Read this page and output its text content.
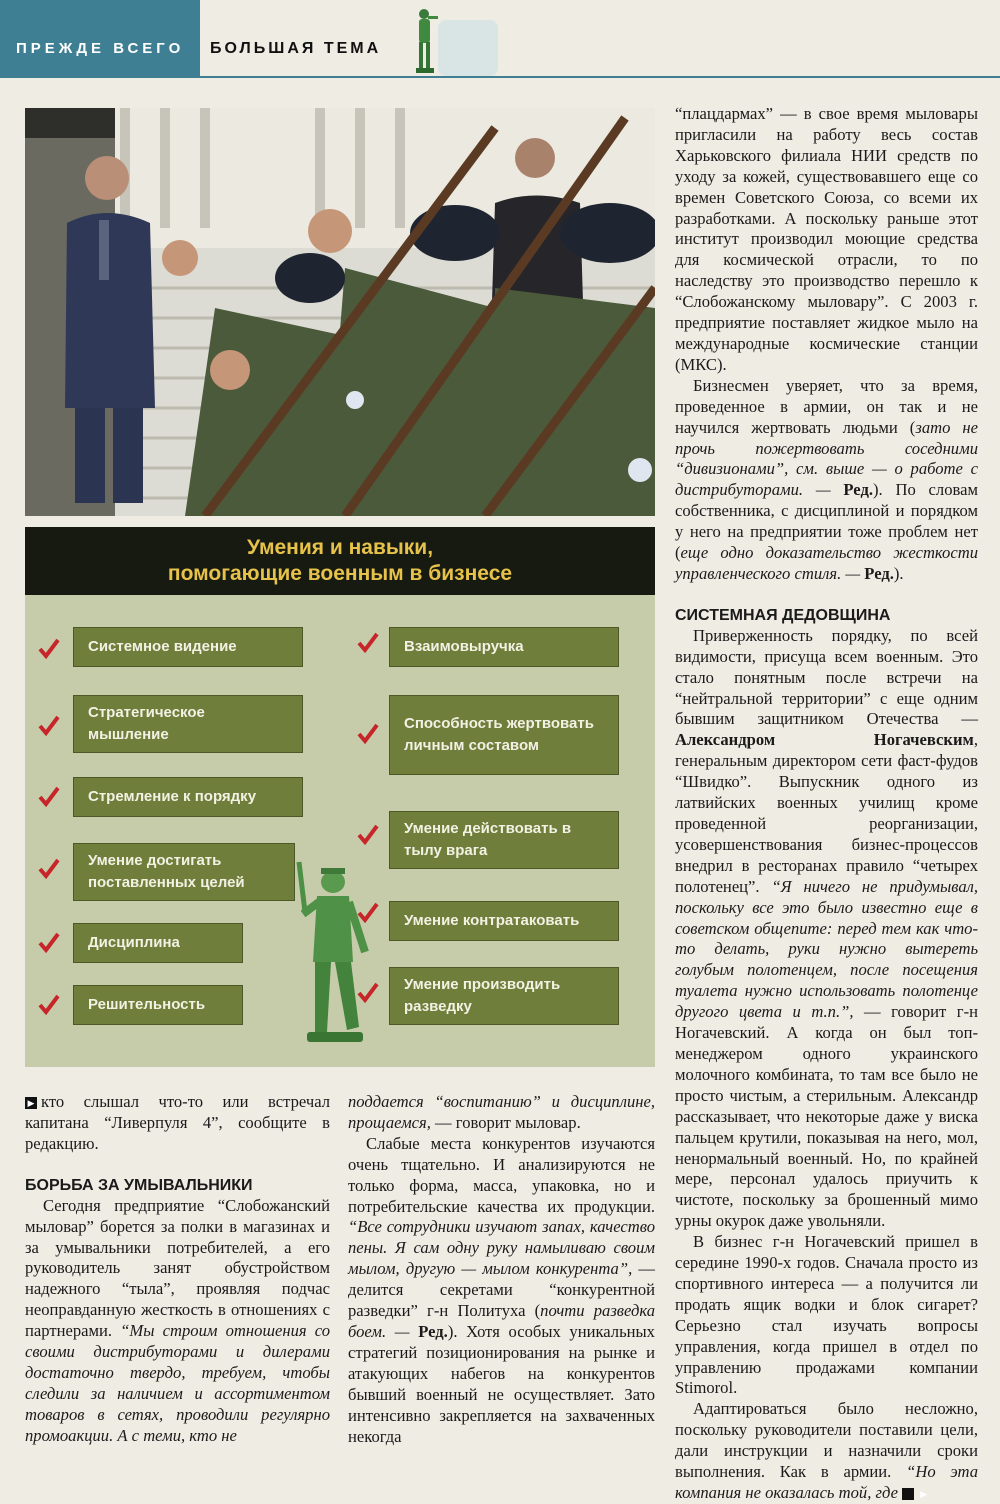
ПРЕЖДЕ ВСЕГО БОЛЬШАЯ ТЕМА
Умения и навыки,
помогающие военным в бизнесе
Системное видение
Стратегическое мышление
Стремление к порядку
Умение достигать поставленных целей
Дисциплина
Решительность
Взаимовыручка
Способность жертвовать личным составом
Умение действовать в тылу врага
Умение контратаковать
Умение производить разведку

▶ кто слышал что-то или встречал капитана “Ливерпуля 4”, сообщите в редакцию.

БОРЬБА ЗА УМЫВАЛЬНИКИ

Сегодня предприятие “Слобожанский мыловар” борется за полки в магазинах и за умывальники потребителей, а его руководитель занят обустройством надежного “тыла”, проявляя подчас неоправданную жесткость в отношениях с партнерами. “Мы строим отношения со своими дистрибуторами и дилерами достаточно твердо, требуем, чтобы следили за наличием и ассортиментом товаров в сетях, проводили регулярно промоакции. А с теми, кто не

поддается “воспитанию” и дисциплине, прощаемся, — говорит мыловар.

Слабые места конкурентов изучаются очень тщательно. И анализируются не только форма, масса, упаковка, но и потребительские качества их продукции. “Все сотрудники изучают запах, качество пены. Я сам одну руку намыливаю своим мылом, другую — мылом конкурента”, — делится секретами “конкурентной разведки” г-н Политуха (почти разведка боем. — Ред.). Хотя особых уникальных стратегий позиционирования на рынке и атакующих набегов на конкурентов бывший военный не осуществляет. Зато интенсивно закрепляется на захваченных некогда

“плацдармах” — в свое время мыловары пригласили на работу весь состав Харьковского филиала НИИ средств по уходу за кожей, существовавшего еще со времен Советского Союза, со всеми их разработками. А поскольку раньше этот институт производил моющие средства для космической отрасли, то по наследству это производство перешло к “Слобожанскому мыловару”. С 2003 г. предприятие поставляет жидкое мыло на международные космические станции (МКС).

Бизнесмен уверяет, что за время, проведенное в армии, он так и не научился жертвовать людьми (зато не прочь пожертвовать соседними “дивизионами”, см. выше — о работе с дистрибуторами. — Ред.). По словам собственника, с дисциплиной и порядком у него на предприятии тоже проблем нет (еще одно доказательство жесткости управленческого стиля. — Ред.).

СИСТЕМНАЯ ДЕДОВЩИНА

Приверженность порядку, по всей видимости, присуща всем военным. Это стало понятным после встречи на “нейтральной территории” с еще одним бывшим защитником Отечества — Александром Ногачевским, генеральным директором сети фаст-фудов “Швидко”. Выпускник одного из латвийских военных училищ кроме проведенной реорганизации, усовершенствования бизнес-процессов внедрил в ресторанах правило “четырех полотенец”. “Я ничего не придумывал, поскольку все это было известно еще в советском общепите: перед тем как что-то делать, руки нужно вытереть голубым полотенцем, после посещения туалета нужно использовать полотенце другого цвета и т.п.”, — говорит г-н Ногачевский. А когда он был топ-менеджером одного украинского молочного комбината, то там все было не просто чистым, а стерильным. Александр рассказывает, что некоторые даже у виска пальцем крутили, показывая на него, мол, ненормальный военный. Но, по крайней мере, персонал удалось приучить к чистоте, поскольку за брошенный мимо урны окурок даже увольняли.

В бизнес г-н Ногачевский пришел в середине 1990-х годов. Сначала просто из спортивного интереса — а получится ли продать ящик водки и блок сигарет? Серьезно стал изучать вопросы управления, когда пришел в отдел по управлению продажами компании Stimorol.

Адаптироваться было несложно, поскольку руководители поставили цели, дали инструкции и назначили сроки выполнения. Как в армии. “Но эта компания не оказалась той, где ▶
